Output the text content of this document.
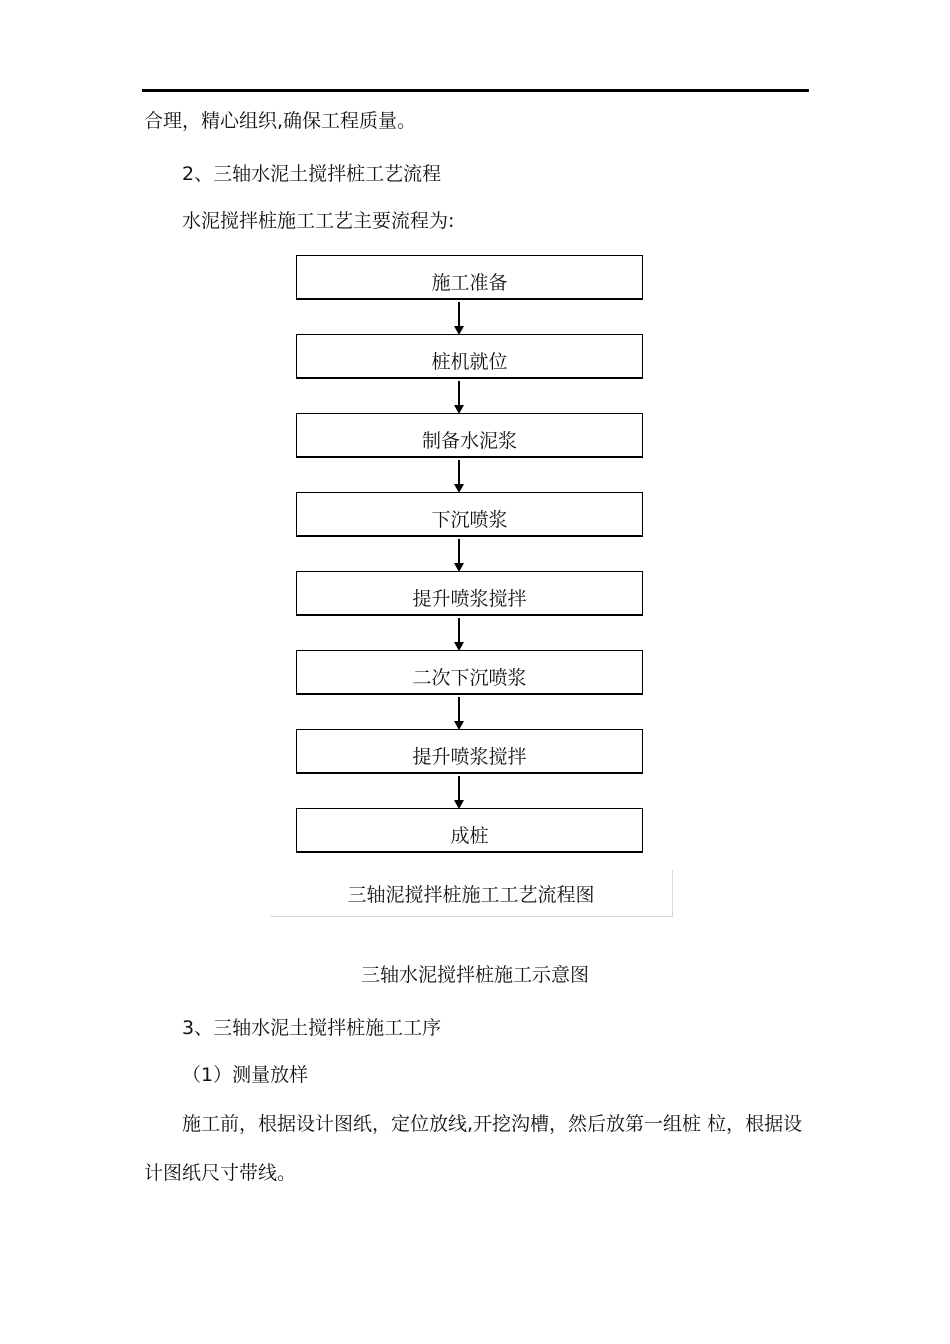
合理，精心组织,确保工程质量。
2、三轴水泥土搅拌桩工艺流程
水泥搅拌桩施工工艺主要流程为:
施工准备
桩机就位
制备水泥浆
下沉喷浆
提升喷浆搅拌
二次下沉喷浆
提升喷浆搅拌
成桩
三轴泥搅拌桩施工工艺流程图
三轴水泥搅拌桩施工示意图
3、三轴水泥土搅拌桩施工工序
（1）测量放样
施工前，根据设计图纸，定位放线,开挖沟槽，然后放第一组桩 柆，根据设
计图纸尺寸带线。
